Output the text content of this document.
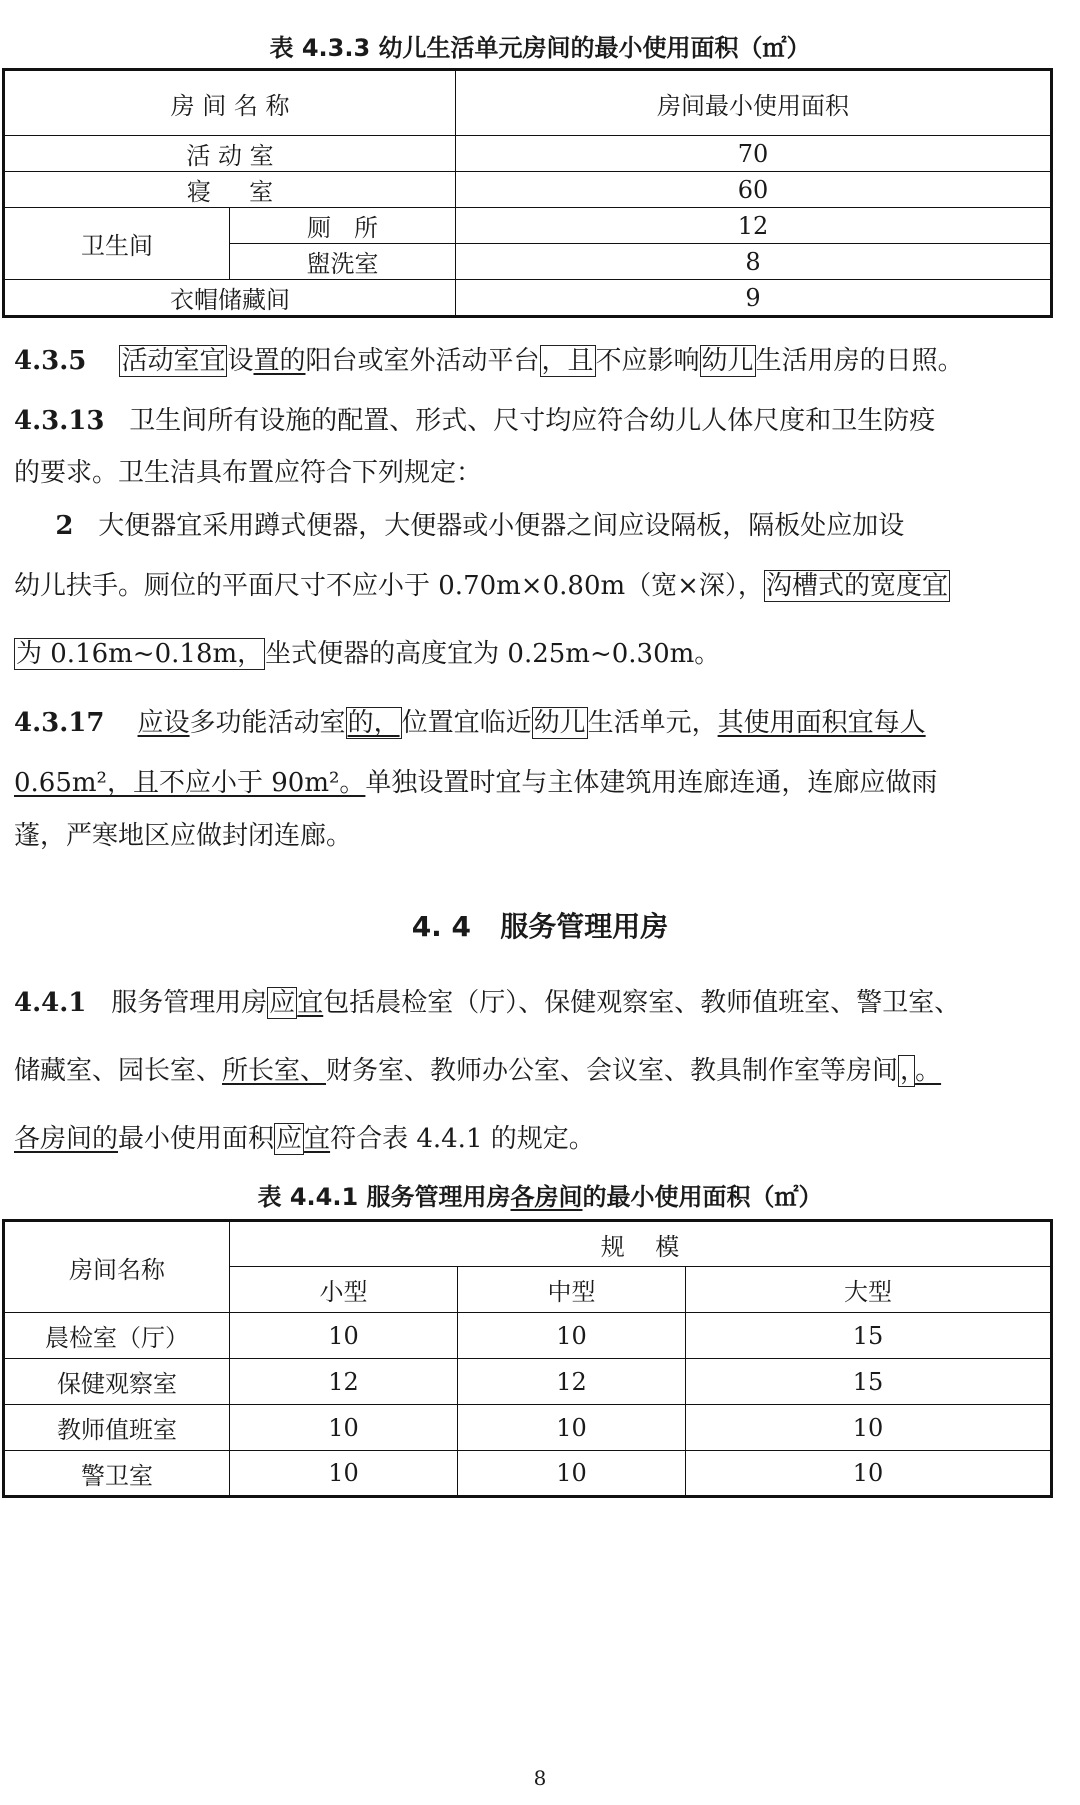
表 4.3.3 幼儿生活单元房间的最小使用面积（㎡）
房 间 名 称		房间最小使用面积
活 动 室		70
寝     室		60
卫生间	厕   所	12
	盥洗室	8
衣帽储藏间		9
4.3.5 活动室宜设置的阳台或室外活动平台，且不应影响幼儿生活用房的日照。
4.3.13 卫生间所有设施的配置、形式、尺寸均应符合幼儿人体尺度和卫生防疫
的要求。卫生洁具布置应符合下列规定：
2 大便器宜采用蹲式便器，大便器或小便器之间应设隔板，隔板处应加设
幼儿扶手。厕位的平面尺寸不应小于 0.70m×0.80m（宽×深），沟槽式的宽度宜
为 0.16m~0.18m，坐式便器的高度宜为 0.25m~0.30m。
4.3.17 应设多功能活动室的，位置宜临近幼儿生活单元，其使用面积宜每人
0.65m²，且不应小于 90m²。单独设置时宜与主体建筑用连廊连通，连廊应做雨
蓬，严寒地区应做封闭连廊。
4. 4 服务管理用房
4.4.1 服务管理用房应宜包括晨检室（厅）、保健观察室、教师值班室、警卫室、
储藏室、园长室、所长室、财务室、教师办公室、会议室、教具制作室等房间，。
各房间的最小使用面积应宜符合表 4.4.1 的规定。
表 4.4.1 服务管理用房各房间的最小使用面积（㎡）
房间名称	规    模		
	小型	中型	大型
晨检室（厅）	10	10	15
保健观察室	12	12	15
教师值班室	10	10	10
警卫室	10	10	10
8
